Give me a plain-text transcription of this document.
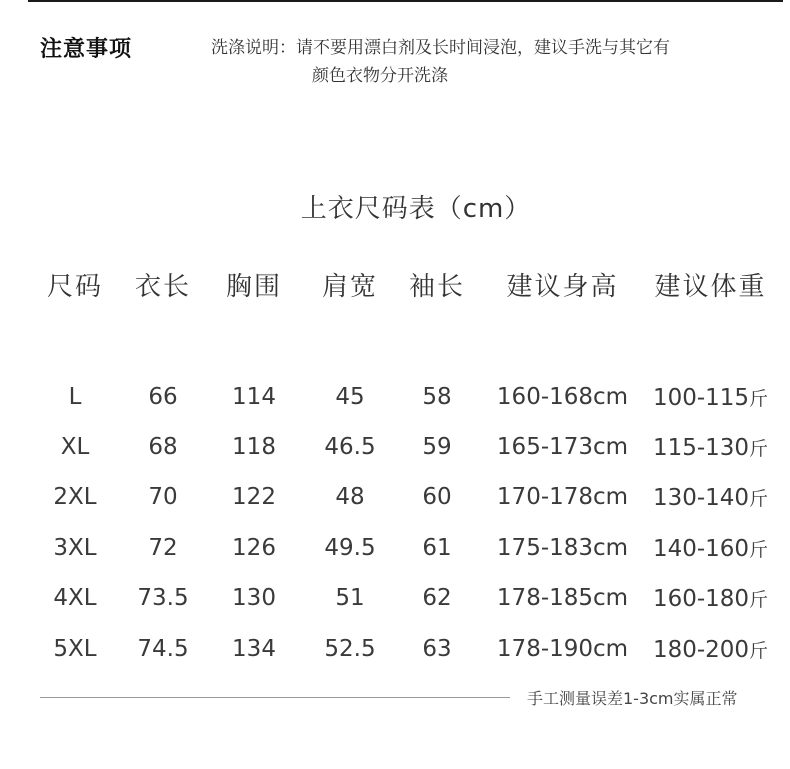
注意事项	洗涤说明：请不要用漂白剂及长时间浸泡，建议手洗与其它有
颜色衣物分开洗涤
上衣尺码表（cm）
尺码	衣长	胸围	肩宽	袖长	建议身高	建议体重
L	66	114	45	58	160-168cm	100-115斤
XL	68	118	46.5	59	165-173cm	115-130斤
2XL	70	122	48	60	170-178cm	130-140斤
3XL	72	126	49.5	61	175-183cm	140-160斤
4XL	73.5	130	51	62	178-185cm	160-180斤
5XL	74.5	134	52.5	63	178-190cm	180-200斤
手工测量误差1-3cm实属正常
